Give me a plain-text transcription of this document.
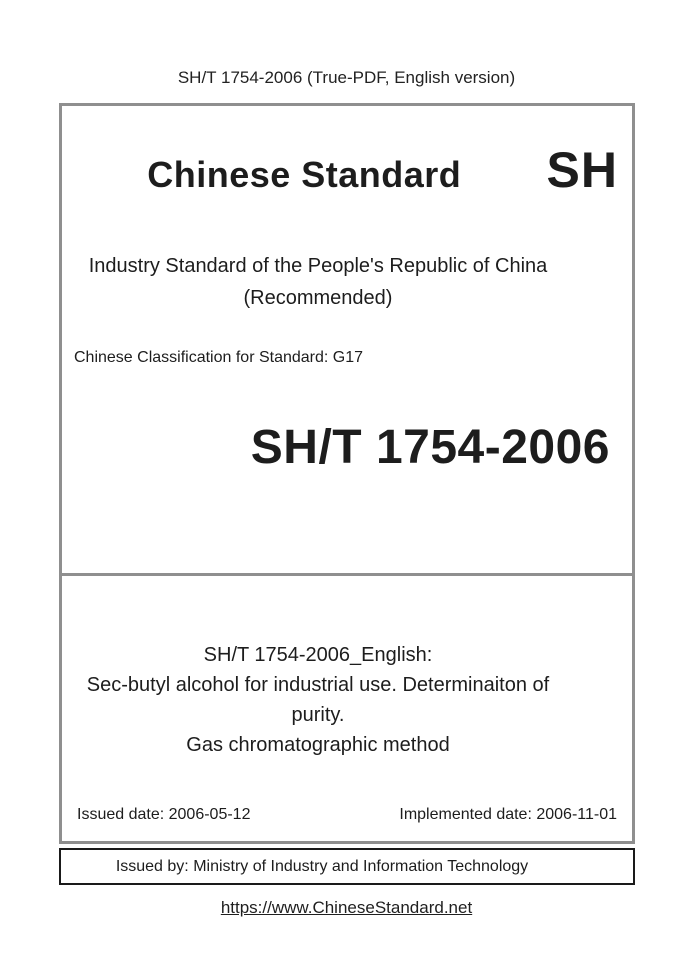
SH/T 1754-2006 (True-PDF, English version)
Chinese Standard	SH
Industry Standard of the People's Republic of China
(Recommended)
Chinese Classification for Standard: G17
SH/T 1754-2006
SH/T 1754-2006_English:
Sec-butyl alcohol for industrial use. Determinaiton of purity.
Gas chromatographic method
Issued date: 2006-05-12	Implemented date: 2006-11-01
Issued by: Ministry of Industry and Information Technology
https://www.ChineseStandard.net
